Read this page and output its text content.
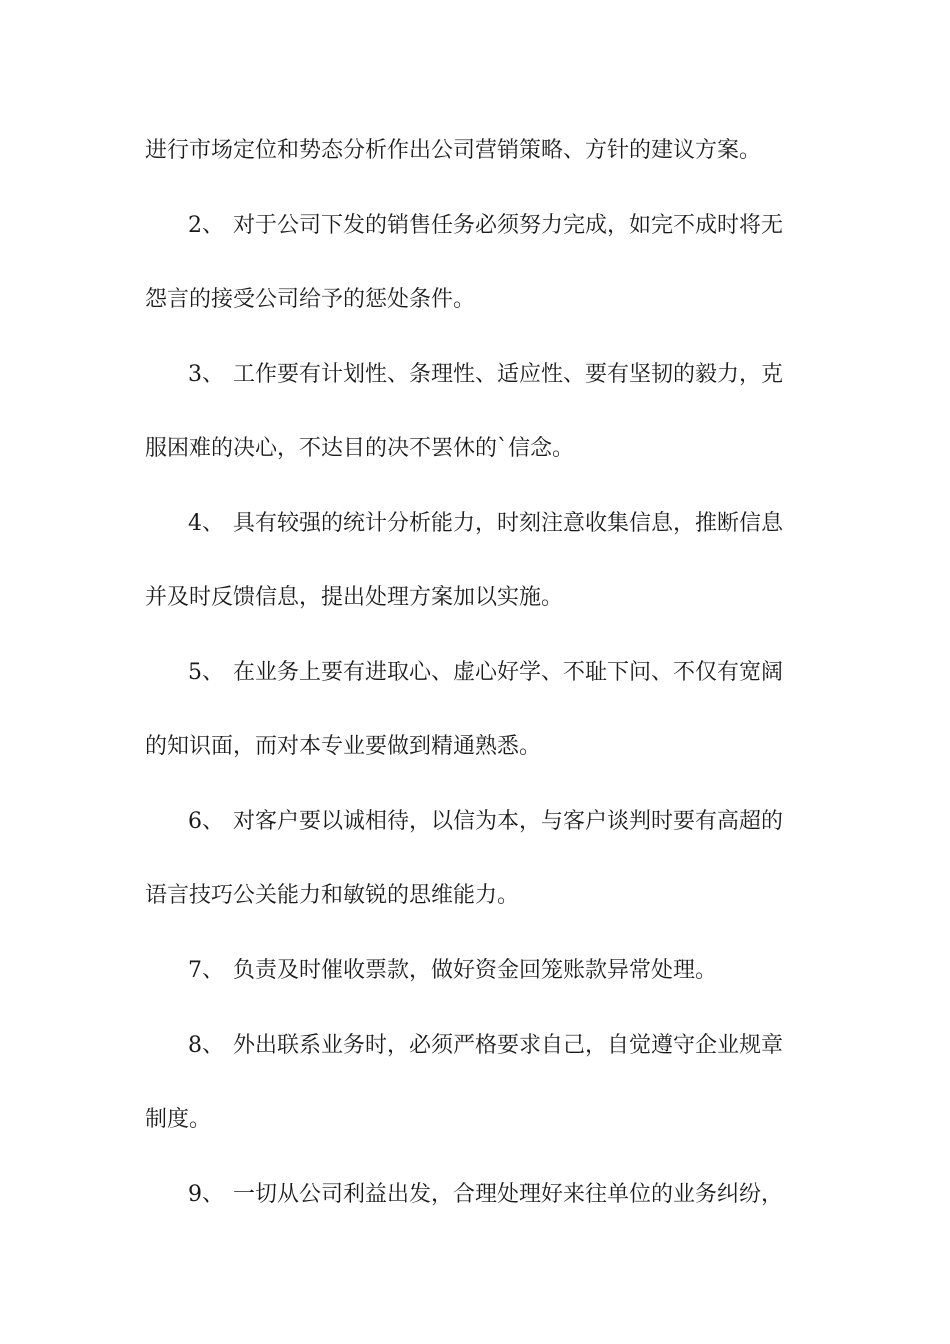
进行市场定位和势态分析作出公司营销策略、方针的建议方案。
2、 对于公司下发的销售任务必须努力完成，如完不成时将无
怨言的接受公司给予的惩处条件。
3、 工作要有计划性、条理性、适应性、要有坚韧的毅力，克
服困难的决心，不达目的决不罢休的`信念。
4、 具有较强的统计分析能力，时刻注意收集信息，推断信息
并及时反馈信息，提出处理方案加以实施。
5、 在业务上要有进取心、虚心好学、不耻下问、不仅有宽阔
的知识面，而对本专业要做到精通熟悉。
6、 对客户要以诚相待，以信为本，与客户谈判时要有高超的
语言技巧公关能力和敏锐的思维能力。
7、 负责及时催收票款，做好资金回笼账款异常处理。
8、 外出联系业务时，必须严格要求自己，自觉遵守企业规章
制度。
9、 一切从公司利益出发，合理处理好来往单位的业务纠纷，
